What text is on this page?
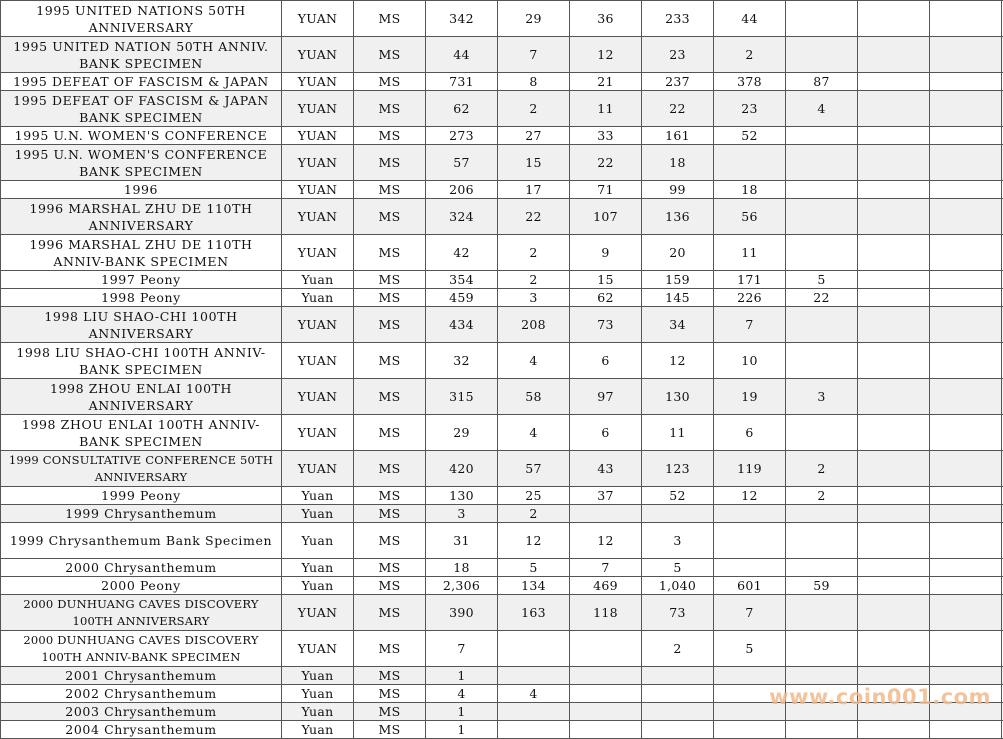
1995 UNITED NATIONS 50TH ANNIVERSARY	YUAN	MS	342	29	36	233	44				
1995 UNITED NATION 50TH ANNIV. BANK SPECIMEN	YUAN	MS	44	7	12	23	2				
1995 DEFEAT OF FASCISM & JAPAN	YUAN	MS	731	8	21	237	378	87			
1995 DEFEAT OF FASCISM & JAPAN BANK SPECIMEN	YUAN	MS	62	2	11	22	23	4			
1995 U.N. WOMEN'S CONFERENCE	YUAN	MS	273	27	33	161	52				
1995 U.N. WOMEN'S CONFERENCE BANK SPECIMEN	YUAN	MS	57	15	22	18					
1996	YUAN	MS	206	17	71	99	18				
1996 MARSHAL ZHU DE 110TH ANNIVERSARY	YUAN	MS	324	22	107	136	56				
1996 MARSHAL ZHU DE 110TH ANNIV-BANK SPECIMEN	YUAN	MS	42	2	9	20	11				
1997 Peony	Yuan	MS	354	2	15	159	171	5			
1998 Peony	Yuan	MS	459	3	62	145	226	22			
1998 LIU SHAO-CHI 100TH ANNIVERSARY	YUAN	MS	434	208	73	34	7				
1998 LIU SHAO-CHI 100TH ANNIV-BANK SPECIMEN	YUAN	MS	32	4	6	12	10				
1998 ZHOU ENLAI 100TH ANNIVERSARY	YUAN	MS	315	58	97	130	19	3			
1998 ZHOU ENLAI 100TH ANNIV-BANK SPECIMEN	YUAN	MS	29	4	6	11	6				
1999 CONSULTATIVE CONFERENCE 50TH ANNIVERSARY	YUAN	MS	420	57	43	123	119	2			
1999 Peony	Yuan	MS	130	25	37	52	12	2			
1999 Chrysanthemum	Yuan	MS	3	2							
1999 Chrysanthemum Bank Specimen	Yuan	MS	31	12	12	3					
2000 Chrysanthemum	Yuan	MS	18	5	7	5					
2000 Peony	Yuan	MS	2,306	134	469	1,040	601	59			
2000 DUNHUANG CAVES DISCOVERY 100TH ANNIVERSARY	YUAN	MS	390	163	118	73	7				
2000 DUNHUANG CAVES DISCOVERY 100TH ANNIV-BANK SPECIMEN	YUAN	MS	7			2	5				
2001 Chrysanthemum	Yuan	MS	1								
2002 Chrysanthemum	Yuan	MS	4	4							
2003 Chrysanthemum	Yuan	MS	1								
2004 Chrysanthemum	Yuan	MS	1								
www.coin001.com
